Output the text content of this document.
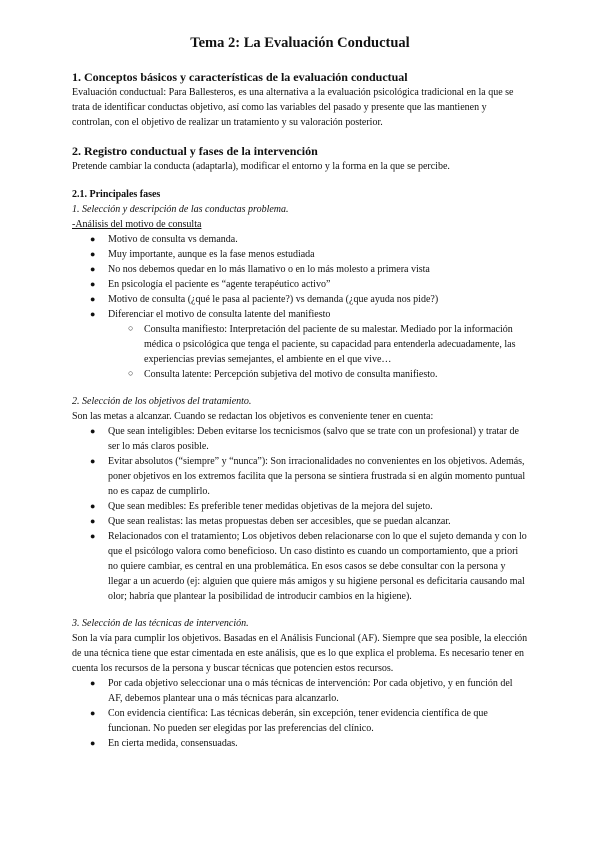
Tema 2: La Evaluación Conductual
1. Conceptos básicos y características de la evaluación conductual

Evaluación conductual: Para Ballesteros, es una alternativa a la evaluación psicológica tradicional en la que se trata de identificar conductas objetivo, así como las variables del pasado y presente que las mantienen y controlan, con el objetivo de realizar un tratamiento y su valoración posterior.

2. Registro conductual y fases de la intervención

Pretende cambiar la conducta (adaptarla), modificar el entorno y la forma en la que se percibe.

2.1. Principales fases

1. Selección y descripción de las conductas problema.

-Análisis del motivo de consulta

● Motivo de consulta vs demanda.
● Muy importante, aunque es la fase menos estudiada
● No nos debemos quedar en lo más llamativo o en lo más molesto a primera vista
● En psicología el paciente es “agente terapéutico activo”
● Motivo de consulta (¿qué le pasa al paciente?) vs demanda (¿que ayuda nos pide?)
● Diferenciar el motivo de consulta latente del manifiesto
○ Consulta manifiesto: Interpretación del paciente de su malestar. Mediado por la información médica o psicológica que tenga el paciente, su capacidad para entenderla adecuadamente, las experiencias previas semejantes, el ambiente en el que vive…
○ Consulta latente: Percepción subjetiva del motivo de consulta manifiesto.

2. Selección de los objetivos del tratamiento.

Son las metas a alcanzar. Cuando se redactan los objetivos es conveniente tener en cuenta:

● Que sean inteligibles: Deben evitarse los tecnicismos (salvo que se trate con un profesional) y tratar de ser lo más claros posible.
● Evitar absolutos (“siempre” y “nunca”): Son irracionalidades no convenientes en los objetivos. Además, poner objetivos en los extremos facilita que la persona se sintiera frustrada si en algún momento puntual no es capaz de cumplirlo.
● Que sean medibles: Es preferible tener medidas objetivas de la mejora del sujeto.
● Que sean realistas: las metas propuestas deben ser accesibles, que se puedan alcanzar.
● Relacionados con el tratamiento; Los objetivos deben relacionarse con lo que el sujeto demanda y con lo que el psicólogo valora como beneficioso. Un caso distinto es cuando un comportamiento, que a priori no quiere cambiar, es central en una problemática. En esos casos se debe consultar con la persona y llegar a un acuerdo (ej: alguien que quiere más amigos y su higiene personal es deficitaria causando mal olor; habría que plantear la posibilidad de introducir cambios en la higiene).

3. Selección de las técnicas de intervención.

Son la vía para cumplir los objetivos. Basadas en el Análisis Funcional (AF). Siempre que sea posible, la elección de una técnica tiene que estar cimentada en este análisis, que es lo que explica el problema. Es necesario tener en cuenta los recursos de la persona y buscar técnicas que potencien estos recursos.

● Por cada objetivo seleccionar una o más técnicas de intervención: Por cada objetivo, y en función del AF, debemos plantear una o más técnicas para alcanzarlo.
● Con evidencia científica: Las técnicas deberán, sin excepción, tener evidencia científica de que funcionan. No pueden ser elegidas por las preferencias del clínico.
● En cierta medida, consensuadas.
